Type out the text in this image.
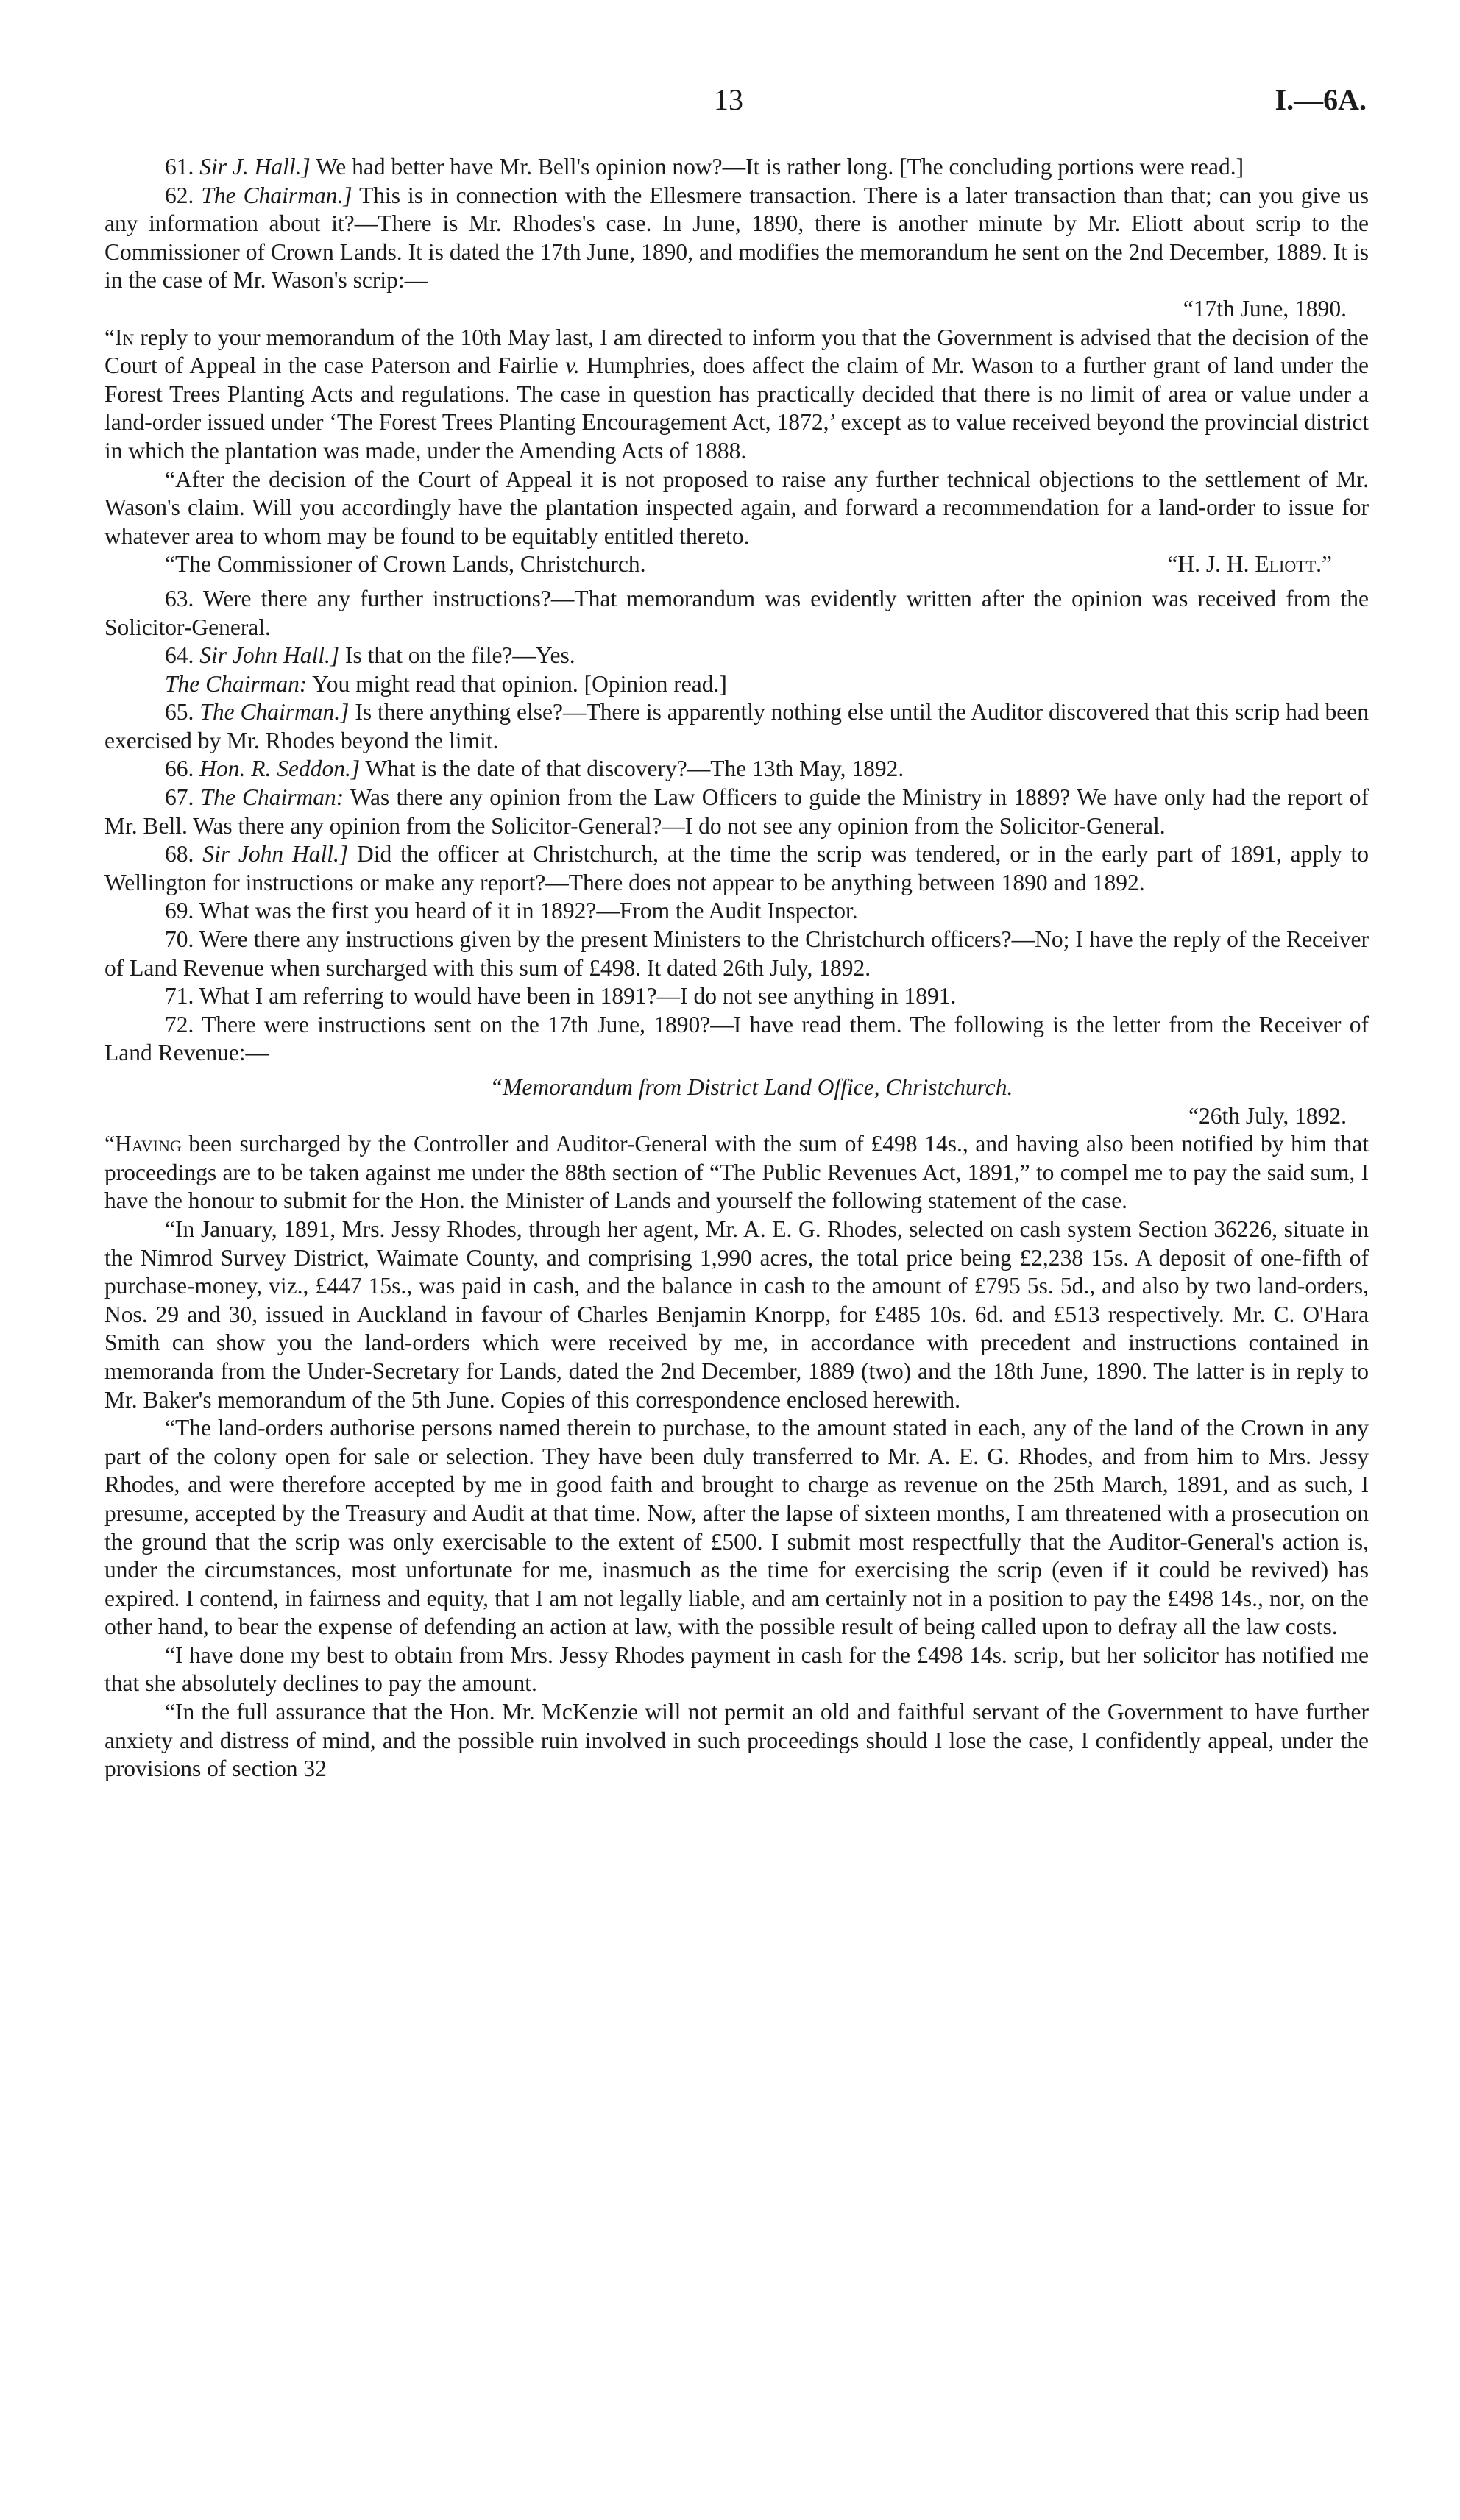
13	I.—6A.

61. Sir J. Hall.] We had better have Mr. Bell's opinion now?—It is rather long. [The concluding portions were read.]

62. The Chairman.] This is in connection with the Ellesmere transaction. There is a later transaction than that; can you give us any information about it?—There is Mr. Rhodes's case. In June, 1890, there is another minute by Mr. Eliott about scrip to the Commissioner of Crown Lands. It is dated the 17th June, 1890, and modifies the memorandum he sent on the 2nd December, 1889. It is in the case of Mr. Wason's scrip:—

“17th June, 1890.

“In reply to your memorandum of the 10th May last, I am directed to inform you that the Government is advised that the decision of the Court of Appeal in the case Paterson and Fairlie v. Humphries, does affect the claim of Mr. Wason to a further grant of land under the Forest Trees Planting Acts and regulations. The case in question has practically decided that there is no limit of area or value under a land-order issued under ‘The Forest Trees Planting Encouragement Act, 1872,’ except as to value received beyond the provincial district in which the plantation was made, under the Amending Acts of 1888.

“After the decision of the Court of Appeal it is not proposed to raise any further technical objections to the settlement of Mr. Wason's claim. Will you accordingly have the plantation inspected again, and forward a recommendation for a land-order to issue for whatever area to whom may be found to be equitably entitled thereto.

“The Commissioner of Crown Lands, Christchurch.	“H. J. H. Eliott.”

63. Were there any further instructions?—That memorandum was evidently written after the opinion was received from the Solicitor-General.

64. Sir John Hall.] Is that on the file?—Yes.

The Chairman: You might read that opinion. [Opinion read.]

65. The Chairman.] Is there anything else?—There is apparently nothing else until the Auditor discovered that this scrip had been exercised by Mr. Rhodes beyond the limit.

66. Hon. R. Seddon.] What is the date of that discovery?—The 13th May, 1892.

67. The Chairman: Was there any opinion from the Law Officers to guide the Ministry in 1889? We have only had the report of Mr. Bell. Was there any opinion from the Solicitor-General?—I do not see any opinion from the Solicitor-General.

68. Sir John Hall.] Did the officer at Christchurch, at the time the scrip was tendered, or in the early part of 1891, apply to Wellington for instructions or make any report?—There does not appear to be anything between 1890 and 1892.

69. What was the first you heard of it in 1892?—From the Audit Inspector.

70. Were there any instructions given by the present Ministers to the Christchurch officers?—No; I have the reply of the Receiver of Land Revenue when surcharged with this sum of £498. It dated 26th July, 1892.

71. What I am referring to would have been in 1891?—I do not see anything in 1891.

72. There were instructions sent on the 17th June, 1890?—I have read them. The following is the letter from the Receiver of Land Revenue:—

“Memorandum from District Land Office, Christchurch.

“26th July, 1892.

“Having been surcharged by the Controller and Auditor-General with the sum of £498 14s., and having also been notified by him that proceedings are to be taken against me under the 88th section of “The Public Revenues Act, 1891,” to compel me to pay the said sum, I have the honour to submit for the Hon. the Minister of Lands and yourself the following statement of the case.

“In January, 1891, Mrs. Jessy Rhodes, through her agent, Mr. A. E. G. Rhodes, selected on cash system Section 36226, situate in the Nimrod Survey District, Waimate County, and comprising 1,990 acres, the total price being £2,238 15s. A deposit of one-fifth of purchase-money, viz., £447 15s., was paid in cash, and the balance in cash to the amount of £795 5s. 5d., and also by two land-orders, Nos. 29 and 30, issued in Auckland in favour of Charles Benjamin Knorpp, for £485 10s. 6d. and £513 respectively. Mr. C. O'Hara Smith can show you the land-orders which were received by me, in accordance with precedent and instructions contained in memoranda from the Under-Secretary for Lands, dated the 2nd December, 1889 (two) and the 18th June, 1890. The latter is in reply to Mr. Baker's memorandum of the 5th June. Copies of this correspondence enclosed herewith.

“The land-orders authorise persons named therein to purchase, to the amount stated in each, any of the land of the Crown in any part of the colony open for sale or selection. They have been duly transferred to Mr. A. E. G. Rhodes, and from him to Mrs. Jessy Rhodes, and were therefore accepted by me in good faith and brought to charge as revenue on the 25th March, 1891, and as such, I presume, accepted by the Treasury and Audit at that time. Now, after the lapse of sixteen months, I am threatened with a prosecution on the ground that the scrip was only exercisable to the extent of £500. I submit most respectfully that the Auditor-General's action is, under the circumstances, most unfortunate for me, inasmuch as the time for exercising the scrip (even if it could be revived) has expired. I contend, in fairness and equity, that I am not legally liable, and am certainly not in a position to pay the £498 14s., nor, on the other hand, to bear the expense of defending an action at law, with the possible result of being called upon to defray all the law costs.

“I have done my best to obtain from Mrs. Jessy Rhodes payment in cash for the £498 14s. scrip, but her solicitor has notified me that she absolutely declines to pay the amount.

“In the full assurance that the Hon. Mr. McKenzie will not permit an old and faithful servant of the Government to have further anxiety and distress of mind, and the possible ruin involved in such proceedings should I lose the case, I confidently appeal, under the provisions of section 32
